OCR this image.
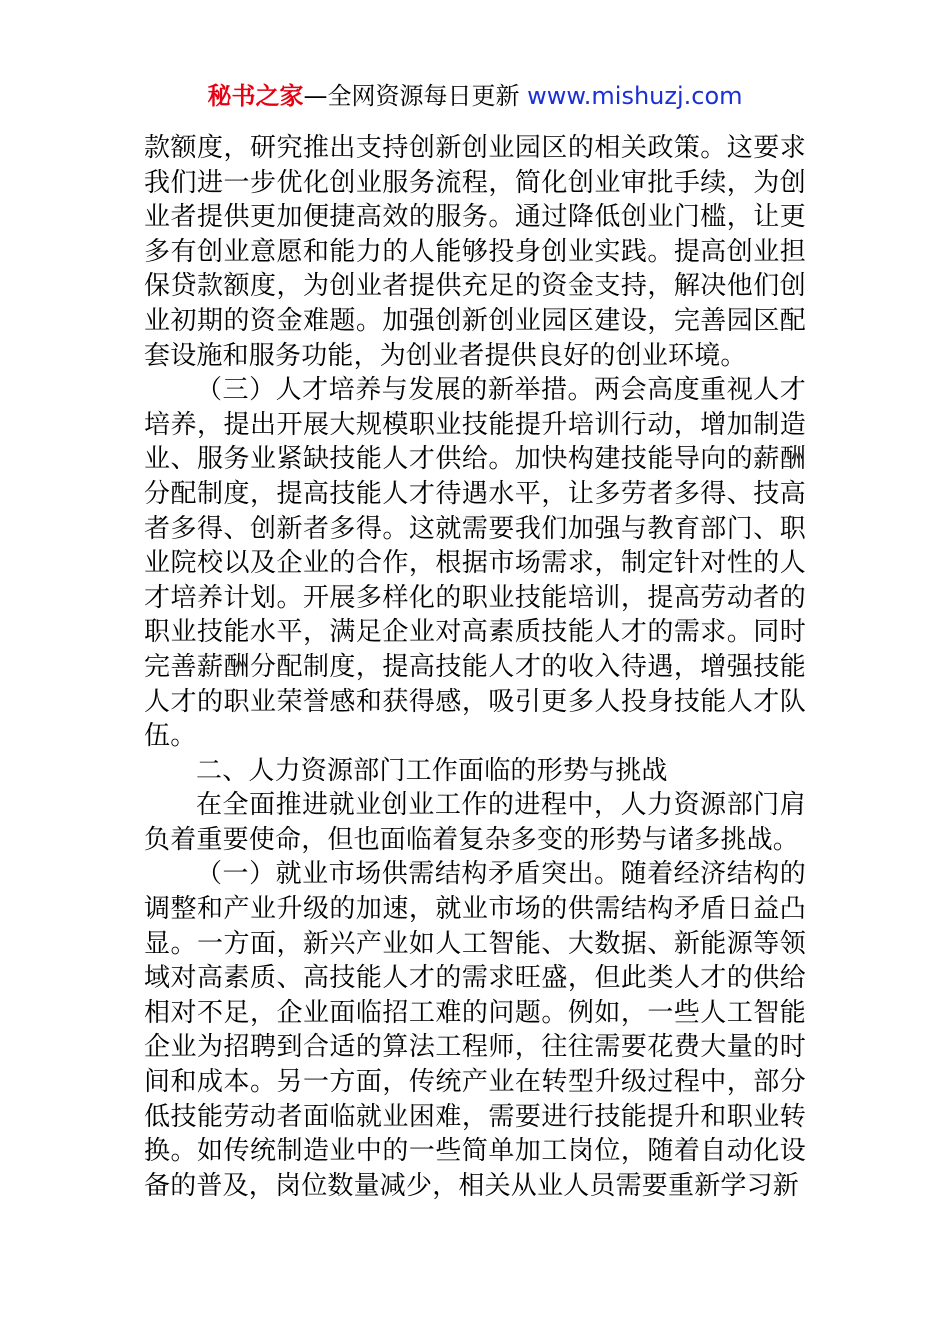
秘书之家—全网资源每日更新 www.mishuzj.com

款额度，研究推出支持创新创业园区的相关政策。这要求我们进一步优化创业服务流程，简化创业审批手续，为创业者提供更加便捷高效的服务。通过降低创业门槛，让更多有创业意愿和能力的人能够投身创业实践。提高创业担保贷款额度，为创业者提供充足的资金支持，解决他们创业初期的资金难题。加强创新创业园区建设，完善园区配套设施和服务功能，为创业者提供良好的创业环境。

（三）人才培养与发展的新举措。两会高度重视人才培养，提出开展大规模职业技能提升培训行动，增加制造业、服务业紧缺技能人才供给。加快构建技能导向的薪酬分配制度，提高技能人才待遇水平，让多劳者多得、技高者多得、创新者多得。这就需要我们加强与教育部门、职业院校以及企业的合作，根据市场需求，制定针对性的人才培养计划。开展多样化的职业技能培训，提高劳动者的职业技能水平，满足企业对高素质技能人才的需求。同时完善薪酬分配制度，提高技能人才的收入待遇，增强技能人才的职业荣誉感和获得感，吸引更多人投身技能人才队伍。

二、人力资源部门工作面临的形势与挑战

在全面推进就业创业工作的进程中，人力资源部门肩负着重要使命，但也面临着复杂多变的形势与诸多挑战。

（一）就业市场供需结构矛盾突出。随着经济结构的调整和产业升级的加速，就业市场的供需结构矛盾日益凸显。一方面，新兴产业如人工智能、大数据、新能源等领域对高素质、高技能人才的需求旺盛，但此类人才的供给相对不足，企业面临招工难的问题。例如，一些人工智能企业为招聘到合适的算法工程师，往往需要花费大量的时间和成本。另一方面，传统产业在转型升级过程中，部分低技能劳动者面临就业困难，需要进行技能提升和职业转换。如传统制造业中的一些简单加工岗位，随着自动化设备的普及，岗位数量减少，相关从业人员需要重新学习新
